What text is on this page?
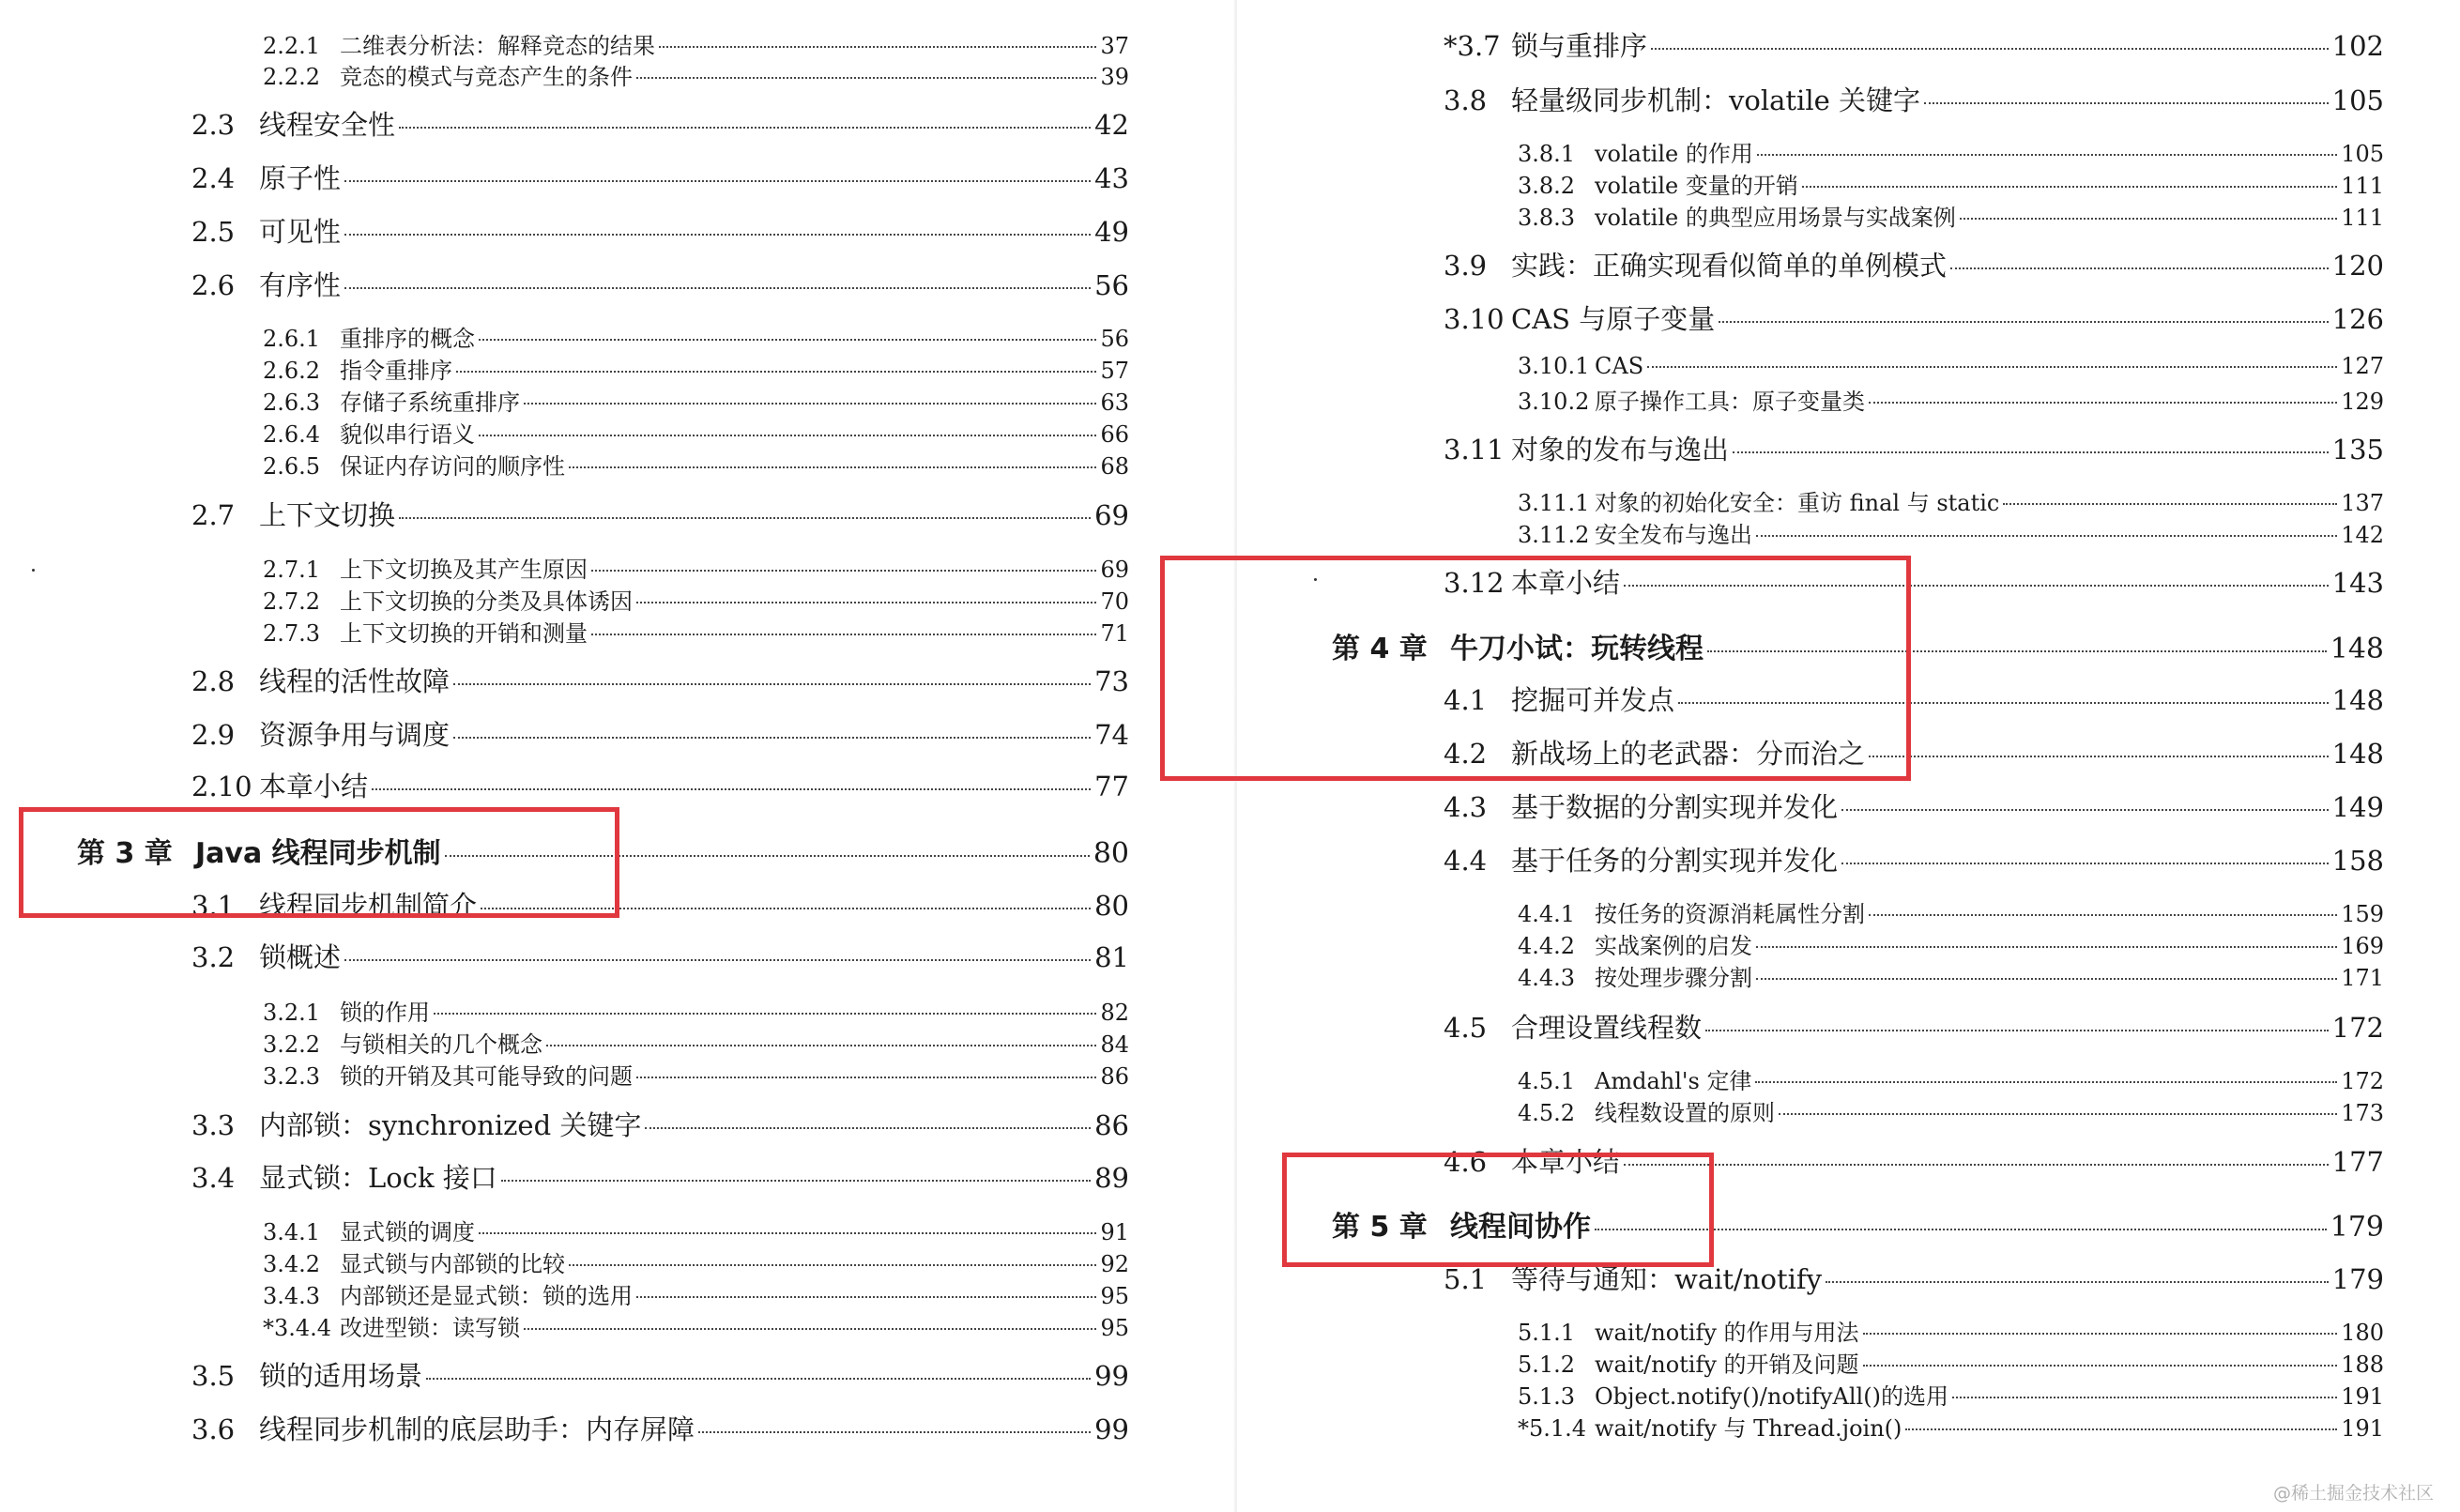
2.2.1 二维表分析法：解释竞态的结果	37
2.2.2 竞态的模式与竞态产生的条件	39
2.3 线程安全性	42
2.4 原子性	43
2.5 可见性	49
2.6 有序性	56
2.6.1 重排序的概念	56
2.6.2 指令重排序	57
2.6.3 存储子系统重排序	63
2.6.4 貌似串行语义	66
2.6.5 保证内存访问的顺序性	68
2.7 上下文切换	69
2.7.1 上下文切换及其产生原因	69
2.7.2 上下文切换的分类及具体诱因	70
2.7.3 上下文切换的开销和测量	71
2.8 线程的活性故障	73
2.9 资源争用与调度	74
2.10 本章小结	77
第 3 章 Java 线程同步机制	80
3.1 线程同步机制简介	80
3.2 锁概述	81
3.2.1 锁的作用	82
3.2.2 与锁相关的几个概念	84
3.2.3 锁的开销及其可能导致的问题	86
3.3 内部锁：synchronized 关键字	86
3.4 显式锁：Lock 接口	89
3.4.1 显式锁的调度	91
3.4.2 显式锁与内部锁的比较	92
3.4.3 内部锁还是显式锁：锁的选用	95
*3.4.4 改进型锁：读写锁	95
3.5 锁的适用场景	99
3.6 线程同步机制的底层助手：内存屏障	99
*3.7 锁与重排序	102
3.8 轻量级同步机制：volatile 关键字	105
3.8.1 volatile 的作用	105
3.8.2 volatile 变量的开销	111
3.8.3 volatile 的典型应用场景与实战案例	111
3.9 实践：正确实现看似简单的单例模式	120
3.10 CAS 与原子变量	126
3.10.1 CAS	127
3.10.2 原子操作工具：原子变量类	129
3.11 对象的发布与逸出	135
3.11.1 对象的初始化安全：重访 final 与 static	137
3.11.2 安全发布与逸出	142
3.12 本章小结	143
第 4 章 牛刀小试：玩转线程	148
4.1 挖掘可并发点	148
4.2 新战场上的老武器：分而治之	148
4.3 基于数据的分割实现并发化	149
4.4 基于任务的分割实现并发化	158
4.4.1 按任务的资源消耗属性分割	159
4.4.2 实战案例的启发	169
4.4.3 按处理步骤分割	171
4.5 合理设置线程数	172
4.5.1 Amdahl's 定律	172
4.5.2 线程数设置的原则	173
4.6 本章小结	177
第 5 章 线程间协作	179
5.1 等待与通知：wait/notify	179
5.1.1 wait/notify 的作用与用法	180
5.1.2 wait/notify 的开销及问题	188
5.1.3 Object.notify()/notifyAll()的选用	191
*5.1.4 wait/notify 与 Thread.join()	191
@稀土掘金技术社区
